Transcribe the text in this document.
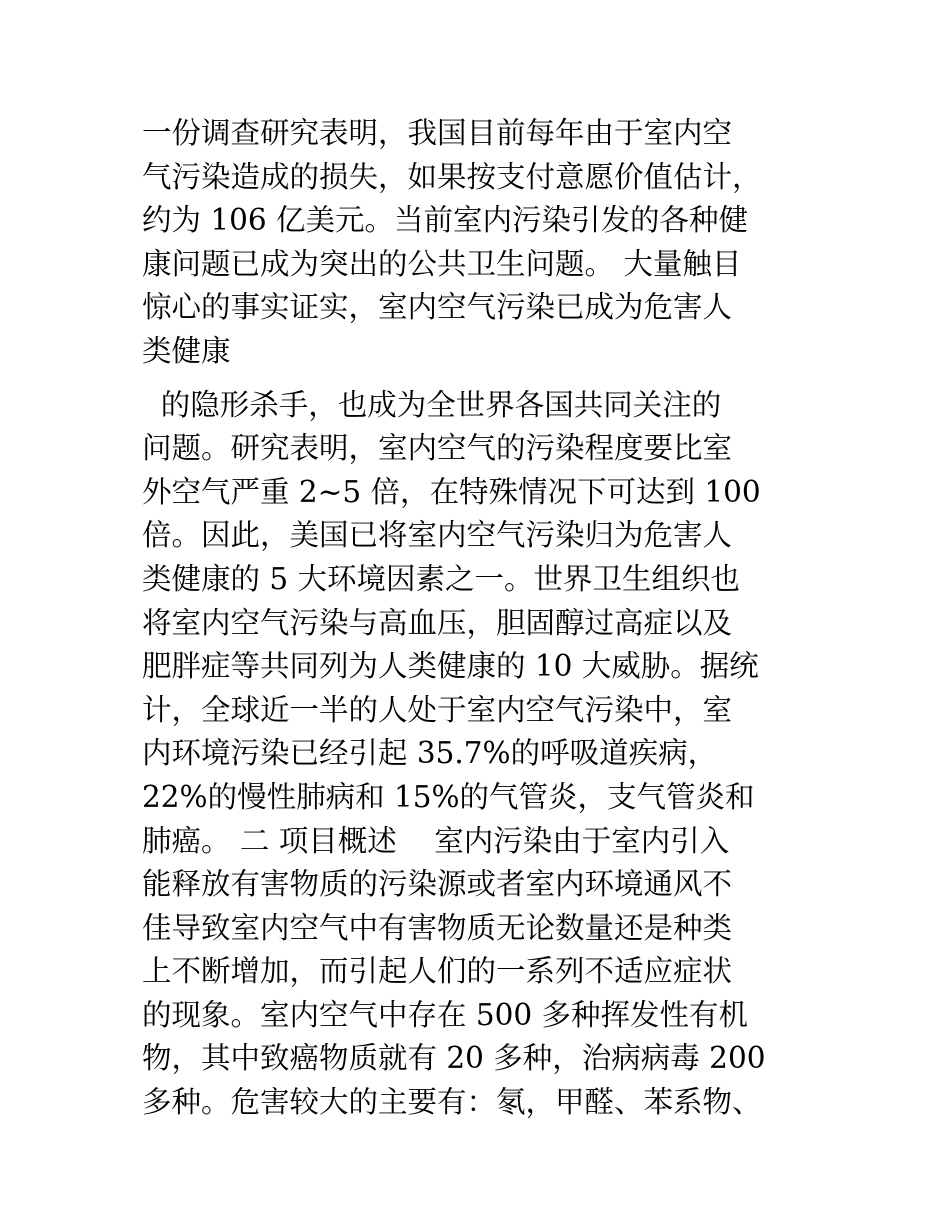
一份调查研究表明，我国目前每年由于室内空
气污染造成的损失，如果按支付意愿价值估计，
约为 106 亿美元。当前室内污染引发的各种健
康问题已成为突出的公共卫生问题。 大量触目
惊心的事实证实，室内空气污染已成为危害人
类健康
的隐形杀手，也成为全世界各国共同关注的
问题。研究表明，室内空气的污染程度要比室
外空气严重 2~5 倍，在特殊情况下可达到 100
倍。因此，美国已将室内空气污染归为危害人
类健康的 5 大环境因素之一。世界卫生组织也
将室内空气污染与高血压，胆固醇过高症以及
肥胖症等共同列为人类健康的 10 大威胁。据统
计，全球近一半的人处于室内空气污染中，室
内环境污染已经引起 35.7%的呼吸道疾病，
22%的慢性肺病和 15%的气管炎，支气管炎和
肺癌。 二 项目概述    室内污染由于室内引入
能释放有害物质的污染源或者室内环境通风不
佳导致室内空气中有害物质无论数量还是种类
上不断增加，而引起人们的一系列不适应症状
的现象。室内空气中存在 500 多种挥发性有机
物，其中致癌物质就有 20 多种，治病病毒 200
多种。危害较大的主要有：氡，甲醛、苯系物、
